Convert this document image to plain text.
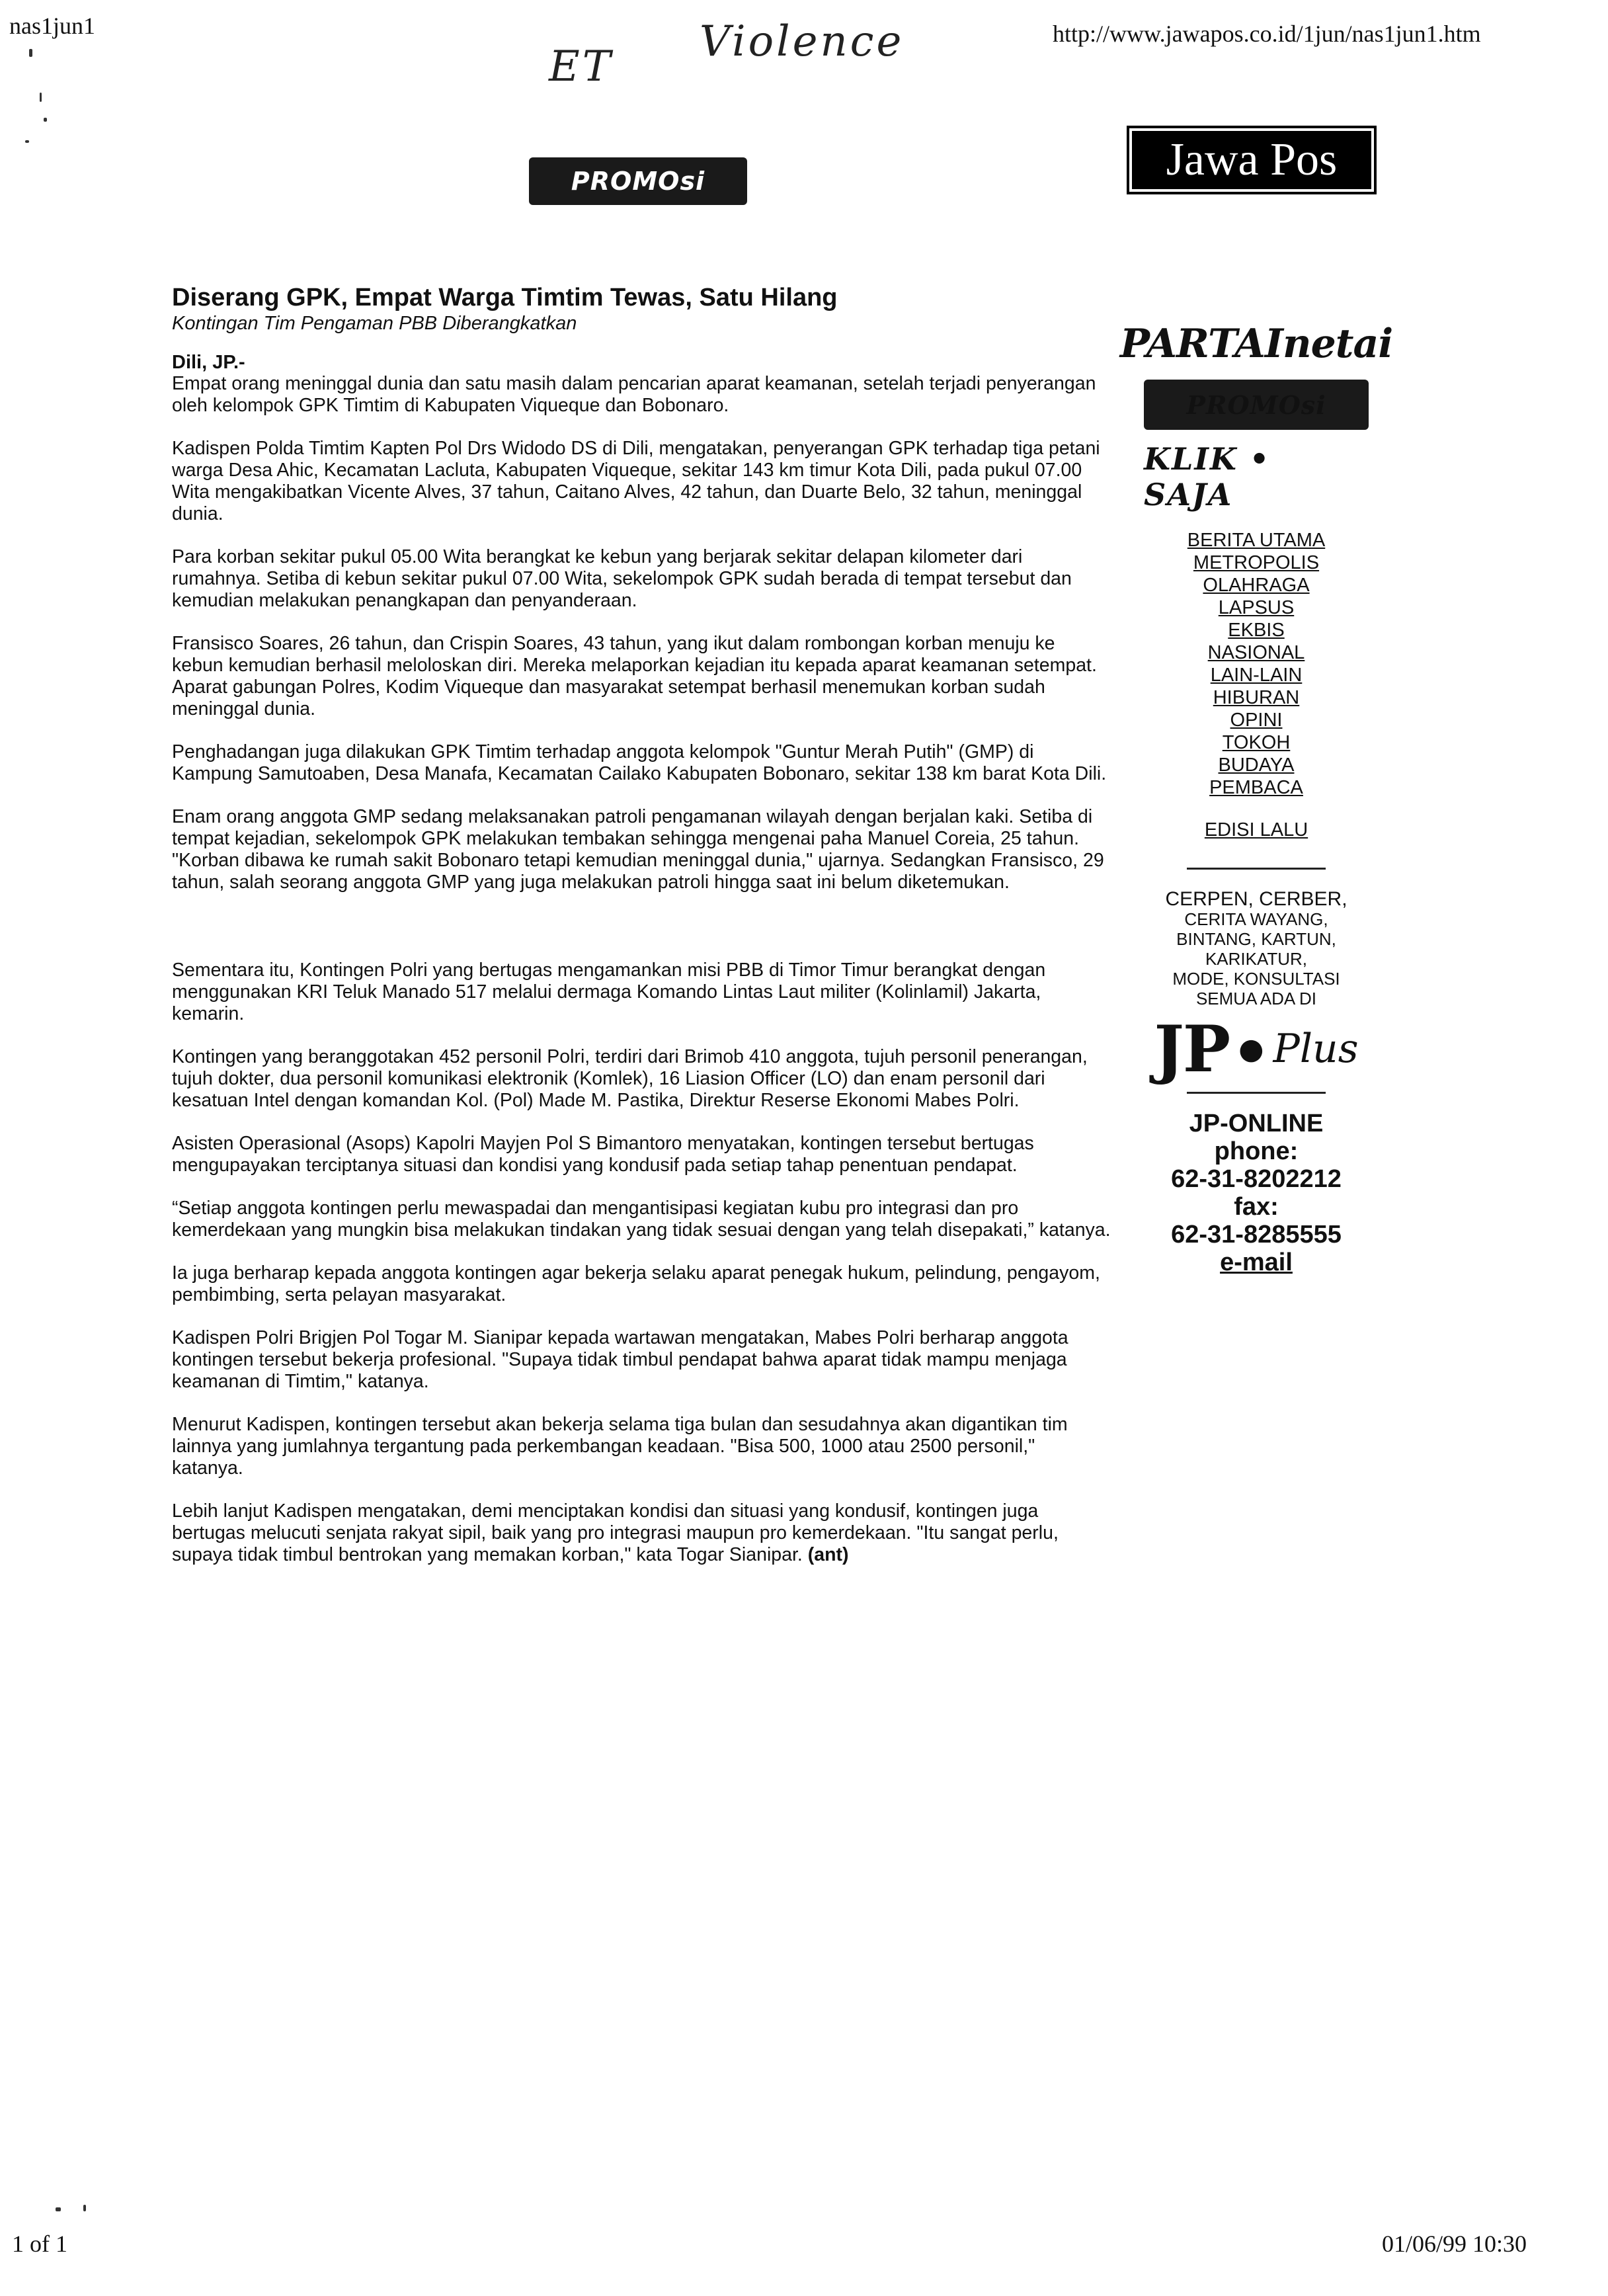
nas1jun1	http://www.jawapos.co.id/1jun/nas1jun1.htm
ET
Violence
PROMOsi	Jawa Pos
Diserang GPK, Empat Warga Timtim Tewas, Satu Hilang

Kontingan Tim Pengaman PBB Diberangkatkan

Dili, JP.-

Empat orang meninggal dunia dan satu masih dalam pencarian aparat keamanan, setelah terjadi penyerangan oleh kelompok GPK Timtim di Kabupaten Viqueque dan Bobonaro.

Kadispen Polda Timtim Kapten Pol Drs Widodo DS di Dili, mengatakan, penyerangan GPK terhadap tiga petani warga Desa Ahic, Kecamatan Lacluta, Kabupaten Viqueque, sekitar 143 km timur Kota Dili, pada pukul 07.00 Wita mengakibatkan Vicente Alves, 37 tahun, Caitano Alves, 42 tahun, dan Duarte Belo, 32 tahun, meninggal dunia.

Para korban sekitar pukul 05.00 Wita berangkat ke kebun yang berjarak sekitar delapan kilometer dari rumahnya. Setiba di kebun sekitar pukul 07.00 Wita, sekelompok GPK sudah berada di tempat tersebut dan kemudian melakukan penangkapan dan penyanderaan.

Fransisco Soares, 26 tahun, dan Crispin Soares, 43 tahun, yang ikut dalam rombongan korban menuju ke kebun kemudian berhasil meloloskan diri. Mereka melaporkan kejadian itu kepada aparat keamanan setempat. Aparat gabungan Polres, Kodim Viqueque dan masyarakat setempat berhasil menemukan korban sudah meninggal dunia.

Penghadangan juga dilakukan GPK Timtim terhadap anggota kelompok "Guntur Merah Putih" (GMP) di Kampung Samutoaben, Desa Manafa, Kecamatan Cailako Kabupaten Bobonaro, sekitar 138 km barat Kota Dili.

Enam orang anggota GMP sedang melaksanakan patroli pengamanan wilayah dengan berjalan kaki. Setiba di tempat kejadian, sekelompok GPK melakukan tembakan sehingga mengenai paha Manuel Coreia, 25 tahun. "Korban dibawa ke rumah sakit Bobonaro tetapi kemudian meninggal dunia," ujarnya. Sedangkan Fransisco, 29 tahun, salah seorang anggota GMP yang juga melakukan patroli hingga saat ini belum diketemukan.

Sementara itu, Kontingen Polri yang bertugas mengamankan misi PBB di Timor Timur berangkat dengan menggunakan KRI Teluk Manado 517 melalui dermaga Komando Lintas Laut militer (Kolinlamil) Jakarta, kemarin.

Kontingen yang beranggotakan 452 personil Polri, terdiri dari Brimob 410 anggota, tujuh personil penerangan, tujuh dokter, dua personil komunikasi elektronik (Komlek), 16 Liasion Officer (LO) dan enam personil dari kesatuan Intel dengan komandan Kol. (Pol) Made M. Pastika, Direktur Reserse Ekonomi Mabes Polri.

Asisten Operasional (Asops) Kapolri Mayjen Pol S Bimantoro menyatakan, kontingen tersebut bertugas mengupayakan terciptanya situasi dan kondisi yang kondusif pada setiap tahap penentuan pendapat.

“Setiap anggota kontingen perlu mewaspadai dan mengantisipasi kegiatan kubu pro integrasi dan pro kemerdekaan yang mungkin bisa melakukan tindakan yang tidak sesuai dengan yang telah disepakati,” katanya.

Ia juga berharap kepada anggota kontingen agar bekerja selaku aparat penegak hukum, pelindung, pengayom, pembimbing, serta pelayan masyarakat.

Kadispen Polri Brigjen Pol Togar M. Sianipar kepada wartawan mengatakan, Mabes Polri berharap anggota kontingen tersebut bekerja profesional. "Supaya tidak timbul pendapat bahwa aparat tidak mampu menjaga keamanan di Timtim," katanya.

Menurut Kadispen, kontingen tersebut akan bekerja selama tiga bulan dan sesudahnya akan digantikan tim lainnya yang jumlahnya tergantung pada perkembangan keadaan. "Bisa 500, 1000 atau 2500 personil," katanya.

Lebih lanjut Kadispen mengatakan, demi menciptakan kondisi dan situasi yang kondusif, kontingen juga bertugas melucuti senjata rakyat sipil, baik yang pro integrasi maupun pro kemerdekaan. "Itu sangat perlu, supaya tidak timbul bentrokan yang memakan korban," kata Togar Sianipar. (ant)

PARTAInetai
PROMOsi
KLIK • SAJA
BERITA UTAMA
METROPOLIS
OLAHRAGA
LAPSUS
EKBIS
NASIONAL
LAIN-LAIN
HIBURAN
OPINI
TOKOH
BUDAYA
PEMBACA
EDISI LALU
CERPEN, CERBER,
CERITA WAYANG,
BINTANG, KARTUN,
KARIKATUR,
MODE, KONSULTASI
SEMUA ADA DI
JP ● Plus
JP-ONLINE
phone:
62-31-8202212
fax:
62-31-8285555
e-mail
1 of 1	01/06/99 10:30
